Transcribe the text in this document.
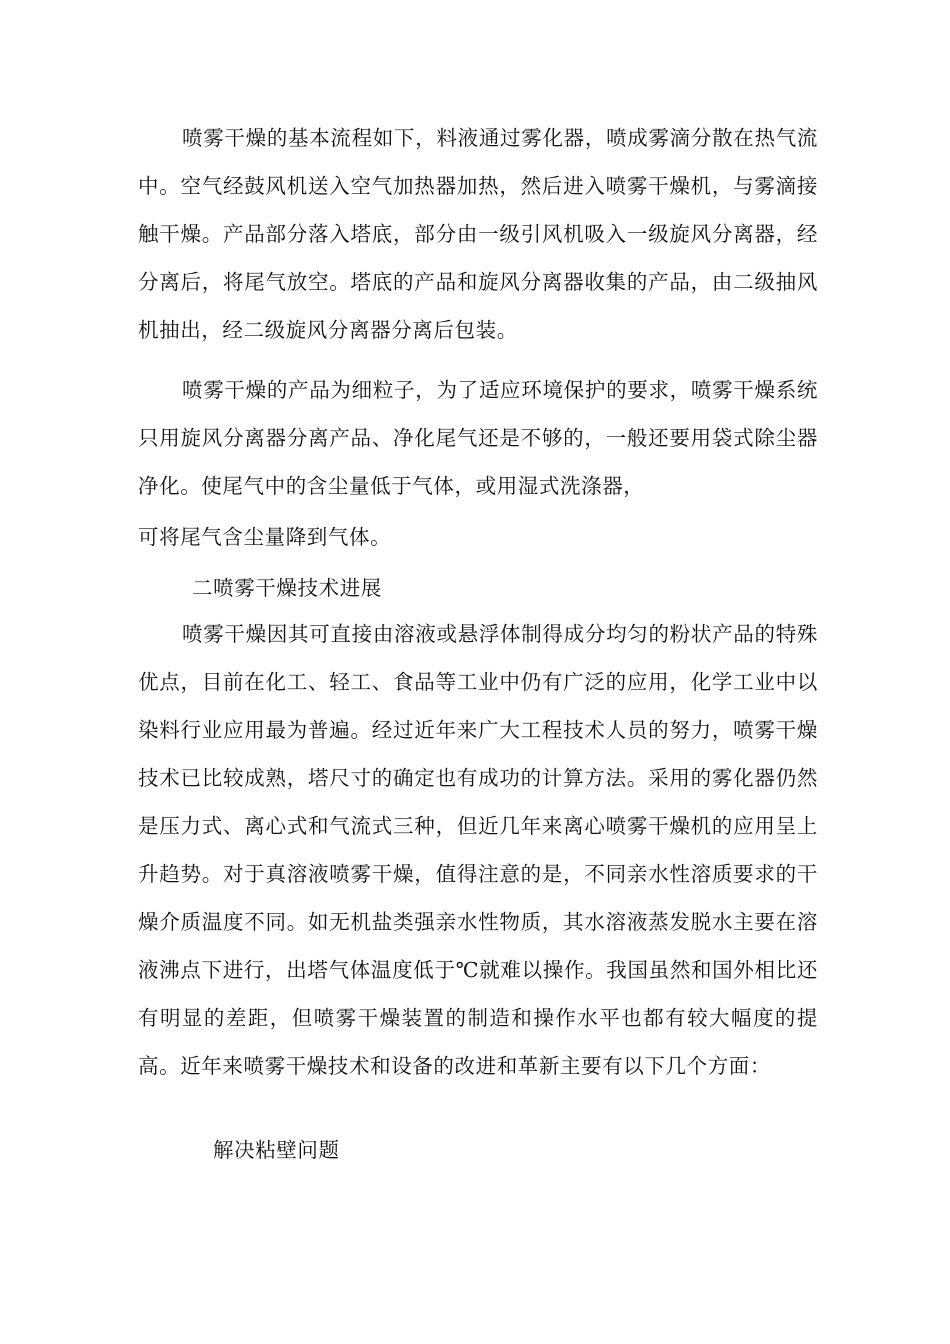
喷雾干燥的基本流程如下，料液通过雾化器，喷成雾滴分散在热气流中。空气经鼓风机送入空气加热器加热，然后进入喷雾干燥机，与雾滴接触干燥。产品部分落入塔底，部分由一级引风机吸入一级旋风分离器，经分离后，将尾气放空。塔底的产品和旋风分离器收集的产品，由二级抽风机抽出，经二级旋风分离器分离后包装。

喷雾干燥的产品为细粒子，为了适应环境保护的要求，喷雾干燥系统只用旋风分离器分离产品、净化尾气还是不够的，一般还要用袋式除尘器净化。使尾气中的含尘量低于气体，或用湿式洗涤器，

可将尾气含尘量降到气体。

二喷雾干燥技术进展

喷雾干燥因其可直接由溶液或悬浮体制得成分均匀的粉状产品的特殊优点，目前在化工、轻工、食品等工业中仍有广泛的应用，化学工业中以染料行业应用最为普遍。经过近年来广大工程技术人员的努力，喷雾干燥技术已比较成熟，塔尺寸的确定也有成功的计算方法。采用的雾化器仍然是压力式、离心式和气流式三种，但近几年来离心喷雾干燥机的应用呈上升趋势。对于真溶液喷雾干燥，值得注意的是，不同亲水性溶质要求的干燥介质温度不同。如无机盐类强亲水性物质，其水溶液蒸发脱水主要在溶液沸点下进行，出塔气体温度低于℃就难以操作。我国虽然和国外相比还有明显的差距，但喷雾干燥装置的制造和操作水平也都有较大幅度的提高。近年来喷雾干燥技术和设备的改进和革新主要有以下几个方面：

解决粘壁问题
